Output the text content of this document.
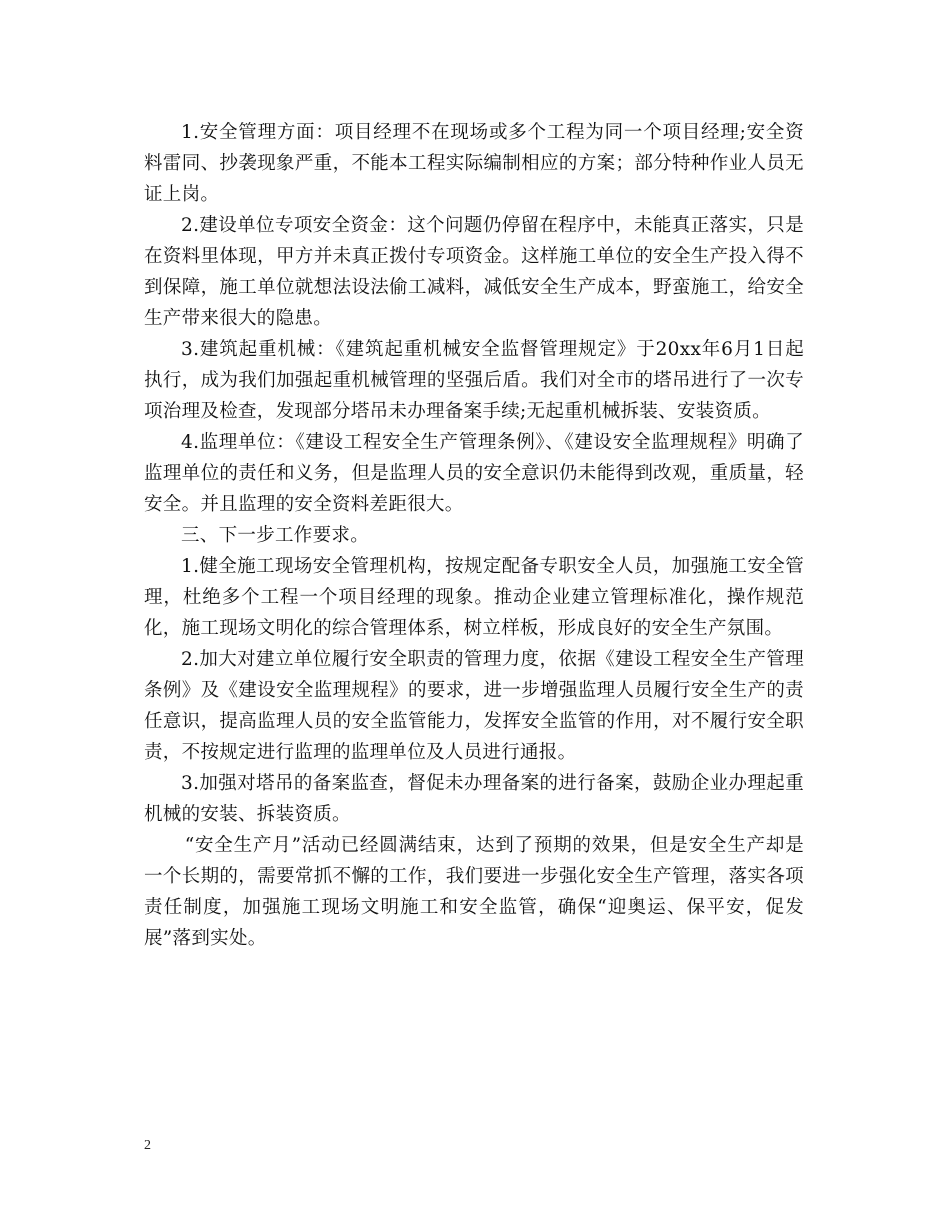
1.安全管理方面：项目经理不在现场或多个工程为同一个项目经理;安全资料雷同、抄袭现象严重，不能本工程实际编制相应的方案；部分特种作业人员无证上岗。

2.建设单位专项安全资金：这个问题仍停留在程序中，未能真正落实，只是在资料里体现，甲方并未真正拨付专项资金。这样施工单位的安全生产投入得不到保障，施工单位就想法设法偷工减料，减低安全生产成本，野蛮施工，给安全生产带来很大的隐患。

3.建筑起重机械：《建筑起重机械安全监督管理规定》于20xx年6月1日起执行，成为我们加强起重机械管理的坚强后盾。我们对全市的塔吊进行了一次专项治理及检查，发现部分塔吊未办理备案手续;无起重机械拆装、安装资质。

4.监理单位：《建设工程安全生产管理条例》、《建设安全监理规程》明确了监理单位的责任和义务，但是监理人员的安全意识仍未能得到改观，重质量，轻安全。并且监理的安全资料差距很大。

三、下一步工作要求。

1.健全施工现场安全管理机构，按规定配备专职安全人员，加强施工安全管理，杜绝多个工程一个项目经理的现象。推动企业建立管理标准化，操作规范化，施工现场文明化的综合管理体系，树立样板，形成良好的安全生产氛围。

2.加大对建立单位履行安全职责的管理力度，依据《建设工程安全生产管理条例》及《建设安全监理规程》的要求，进一步增强监理人员履行安全生产的责任意识，提高监理人员的安全监管能力，发挥安全监管的作用，对不履行安全职责，不按规定进行监理的监理单位及人员进行通报。

3.加强对塔吊的备案监查，督促未办理备案的进行备案，鼓励企业办理起重机械的安装、拆装资质。

“安全生产月”活动已经圆满结束，达到了预期的效果，但是安全生产却是一个长期的，需要常抓不懈的工作，我们要进一步强化安全生产管理，落实各项责任制度，加强施工现场文明施工和安全监管，确保“迎奥运、保平安，促发展”落到实处。

2
